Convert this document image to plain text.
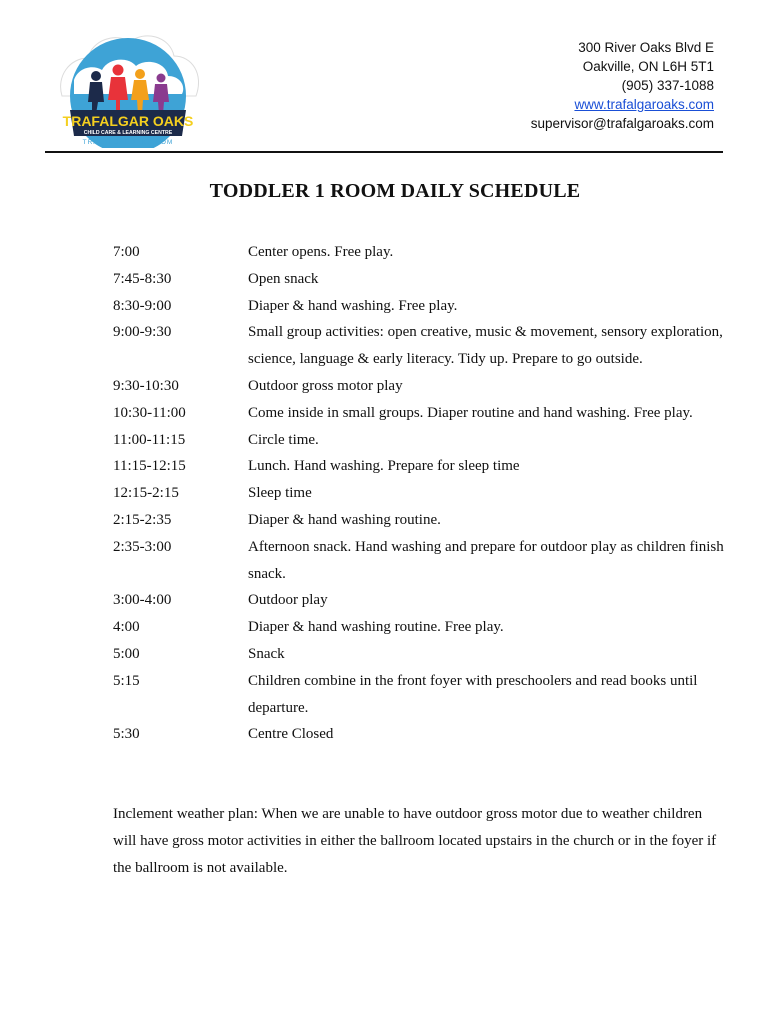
TRAFALGAR OAKS
CHILD CARE & LEARNING CENTRE
TRAFALGAROAKS.COM
300 River Oaks Blvd E
Oakville, ON L6H 5T1
(905) 337-1088
www.trafalgaroaks.com
supervisor@trafalgaroaks.com
TODDLER 1 ROOM DAILY SCHEDULE
7:00	Center opens. Free play.
7:45-8:30	Open snack
8:30-9:00	Diaper & hand washing. Free play.
9:00-9:30	Small group activities: open creative, music & movement, sensory exploration, science, language & early literacy. Tidy up. Prepare to go outside.
9:30-10:30	Outdoor gross motor play
10:30-11:00	Come inside in small groups. Diaper routine and hand washing. Free play.
11:00-11:15	Circle time.
11:15-12:15	Lunch. Hand washing. Prepare for sleep time
12:15-2:15	Sleep time
2:15-2:35	Diaper & hand washing routine.
2:35-3:00	Afternoon snack. Hand washing and prepare for outdoor play as children finish snack.
3:00-4:00	Outdoor play
4:00	Diaper & hand washing routine. Free play.
5:00	Snack
5:15	Children combine in the front foyer with preschoolers and read books until departure.
5:30	Centre Closed
Inclement weather plan: When we are unable to have outdoor gross motor due to weather children will have gross motor activities in either the ballroom located upstairs in the church or in the foyer if the ballroom is not available.
